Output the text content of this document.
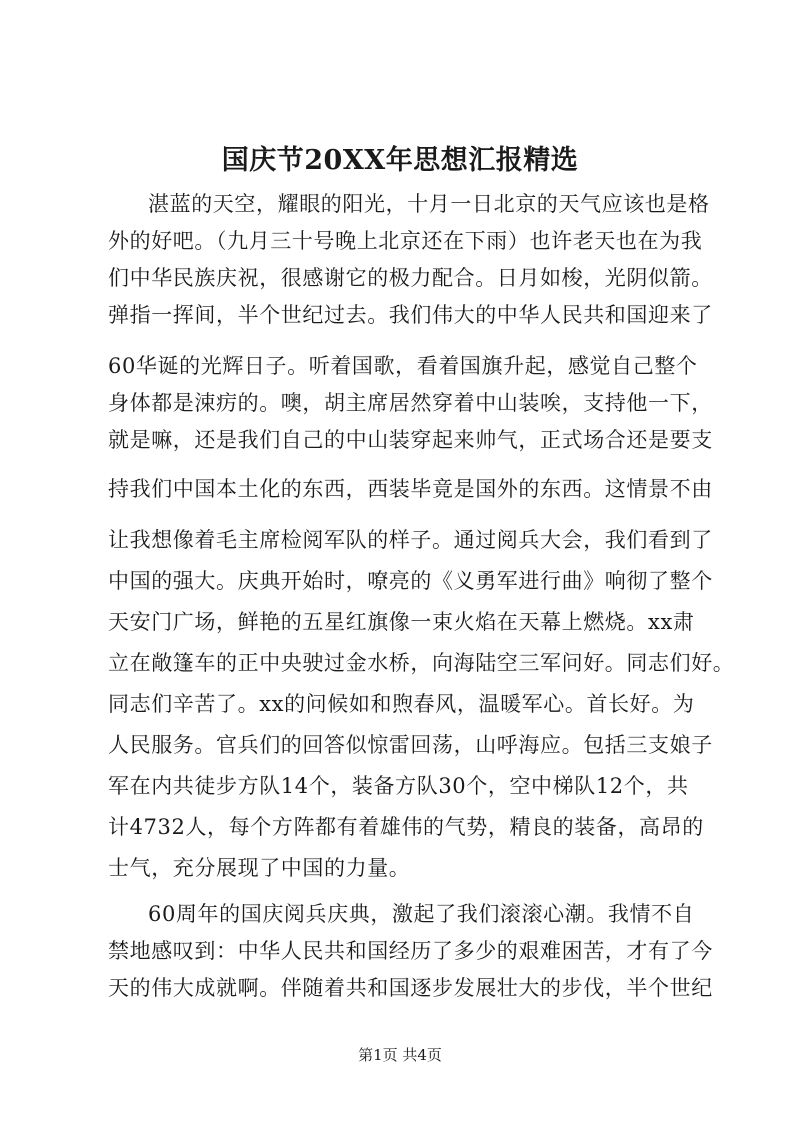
国庆节20XX年思想汇报精选
湛蓝的天空，耀眼的阳光，十月一日北京的天气应该也是格
外的好吧。（九月三十号晚上北京还在下雨）也许老天也在为我
们中华民族庆祝，很感谢它的极力配合。日月如梭，光阴似箭。
弹指一挥间，半个世纪过去。我们伟大的中华人民共和国迎来了
60华诞的光辉日子。听着国歌，看着国旗升起，感觉自己整个
身体都是涑疠的。噢，胡主席居然穿着中山装唉，支持他一下，
就是嘛，还是我们自己的中山装穿起来帅气，正式场合还是要支
持我们中国本土化的东西，西装毕竟是国外的东西。这情景不由
让我想像着毛主席检阅军队的样子。通过阅兵大会，我们看到了
中国的强大。庆典开始时，嘹亮的《义勇军进行曲》响彻了整个
天安门广场，鲜艳的五星红旗像一束火焰在天幕上燃烧。xx肃
立在敞篷车的正中央驶过金水桥，向海陆空三军问好。同志们好。
同志们辛苦了。xx的问候如和煦春风，温暖军心。首长好。为
人民服务。官兵们的回答似惊雷回荡，山呼海应。包括三支娘子
军在内共徒步方队14个，装备方队30个，空中梯队12个，共
计4732人，每个方阵都有着雄伟的气势，精良的装备，高昂的
士气，充分展现了中国的力量。
60周年的国庆阅兵庆典，激起了我们滚滚心潮。我情不自
禁地感叹到：中华人民共和国经历了多少的艰难困苦，才有了今
天的伟大成就啊。伴随着共和国逐步发展壮大的步伐，半个世纪
第1页 共4页
